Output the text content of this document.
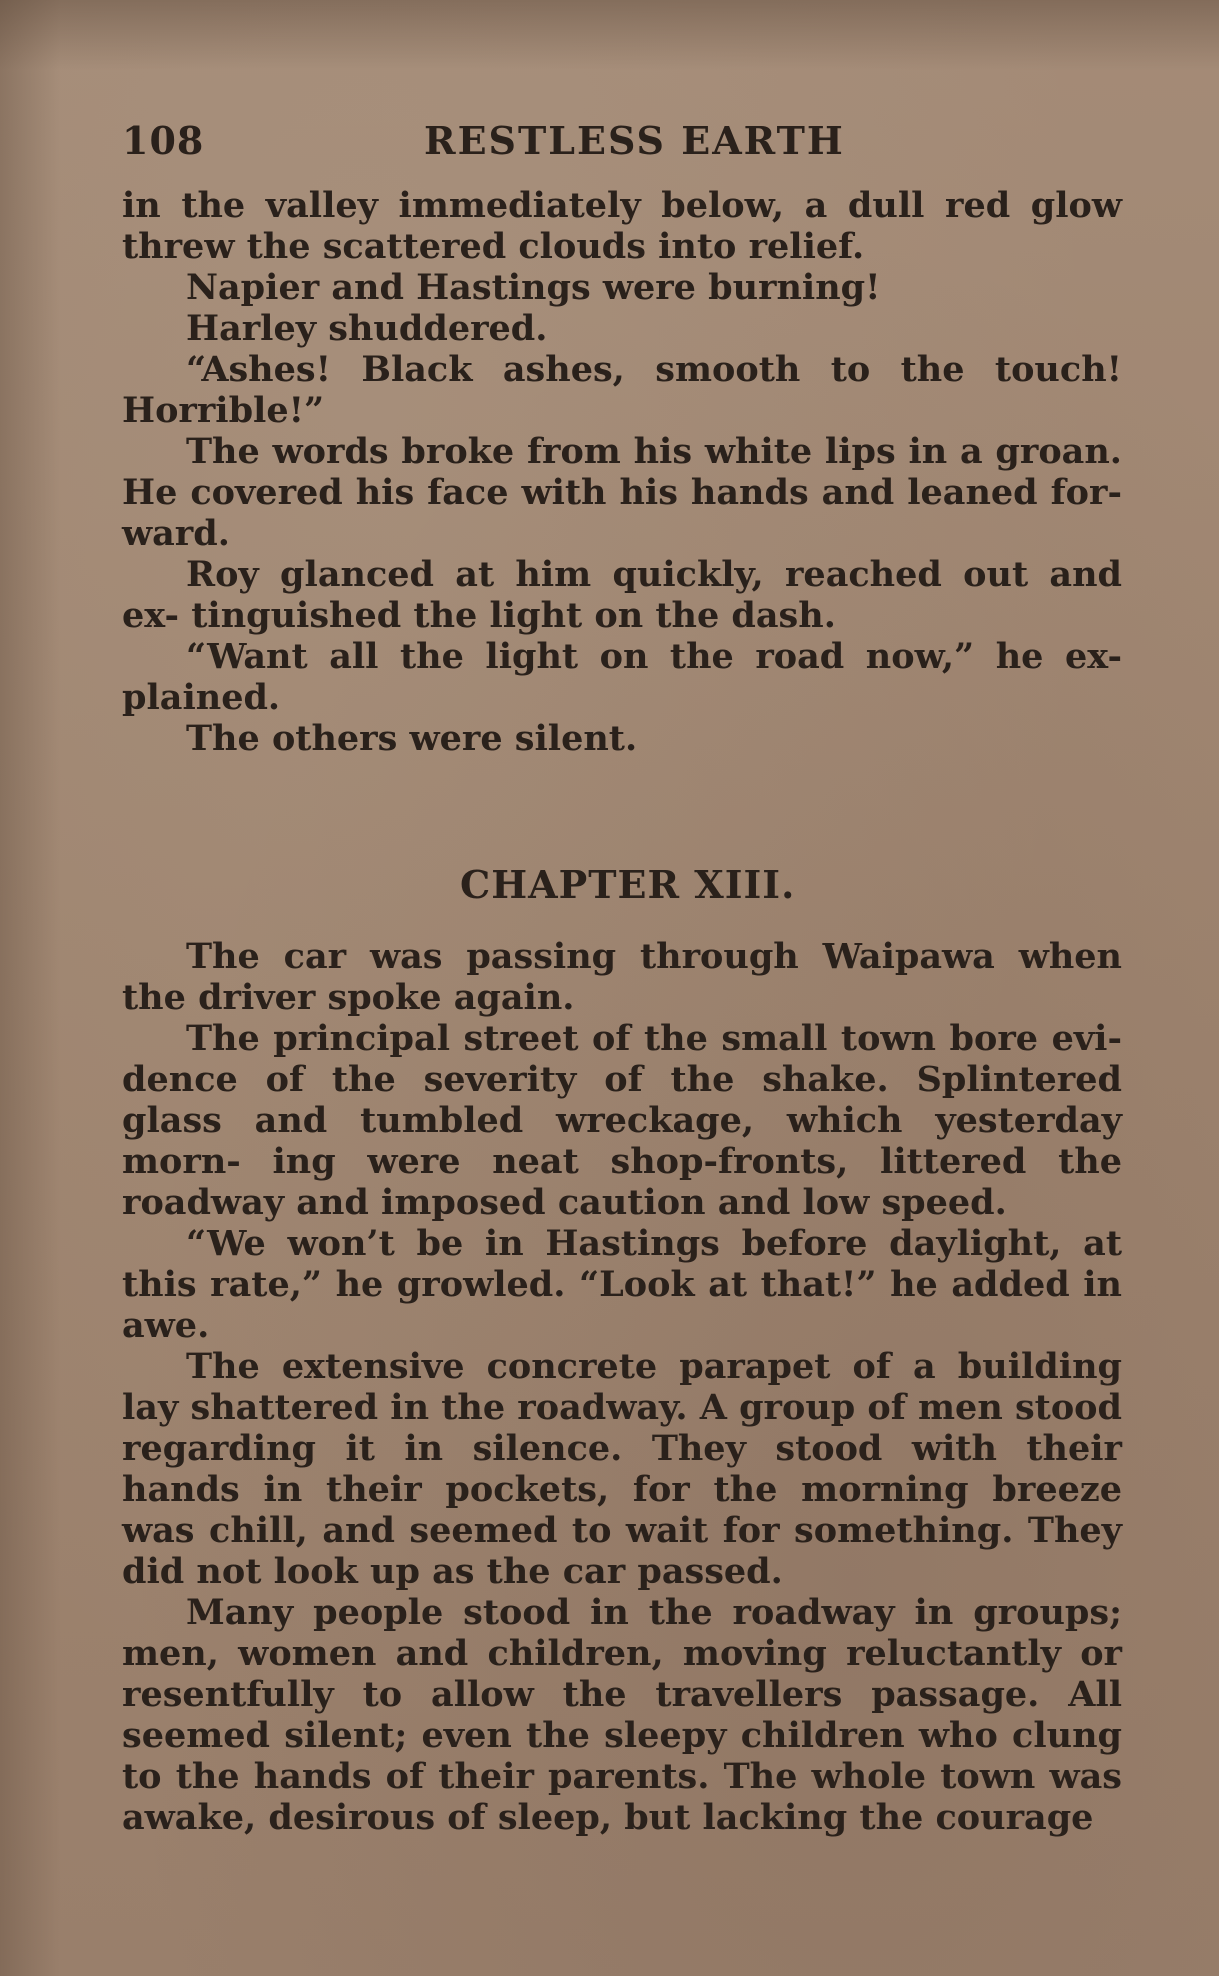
108	RESTLESS EARTH

in the valley immediately below, a dull red glow threw the scattered clouds into relief.

Napier and Hastings were burning!

Harley shuddered.

“Ashes! Black ashes, smooth to the touch! Horrible!”

The words broke from his white lips in a groan. He covered his face with his hands and leaned for- ward.

Roy glanced at him quickly, reached out and ex- tinguished the light on the dash.

“Want all the light on the road now,” he ex- plained.

The others were silent.

CHAPTER XIII.

The car was passing through Waipawa when the driver spoke again.

The principal street of the small town bore evi- dence of the severity of the shake. Splintered glass and tumbled wreckage, which yesterday morn- ing were neat shop-fronts, littered the roadway and imposed caution and low speed.

“We won’t be in Hastings before daylight, at this rate,” he growled. “Look at that!” he added in awe.

The extensive concrete parapet of a building lay shattered in the roadway. A group of men stood regarding it in silence. They stood with their hands in their pockets, for the morning breeze was chill, and seemed to wait for something. They did not look up as the car passed.

Many people stood in the roadway in groups; men, women and children, moving reluctantly or resentfully to allow the travellers passage. All seemed silent; even the sleepy children who clung to the hands of their parents. The whole town was awake, desirous of sleep, but lacking the courage
